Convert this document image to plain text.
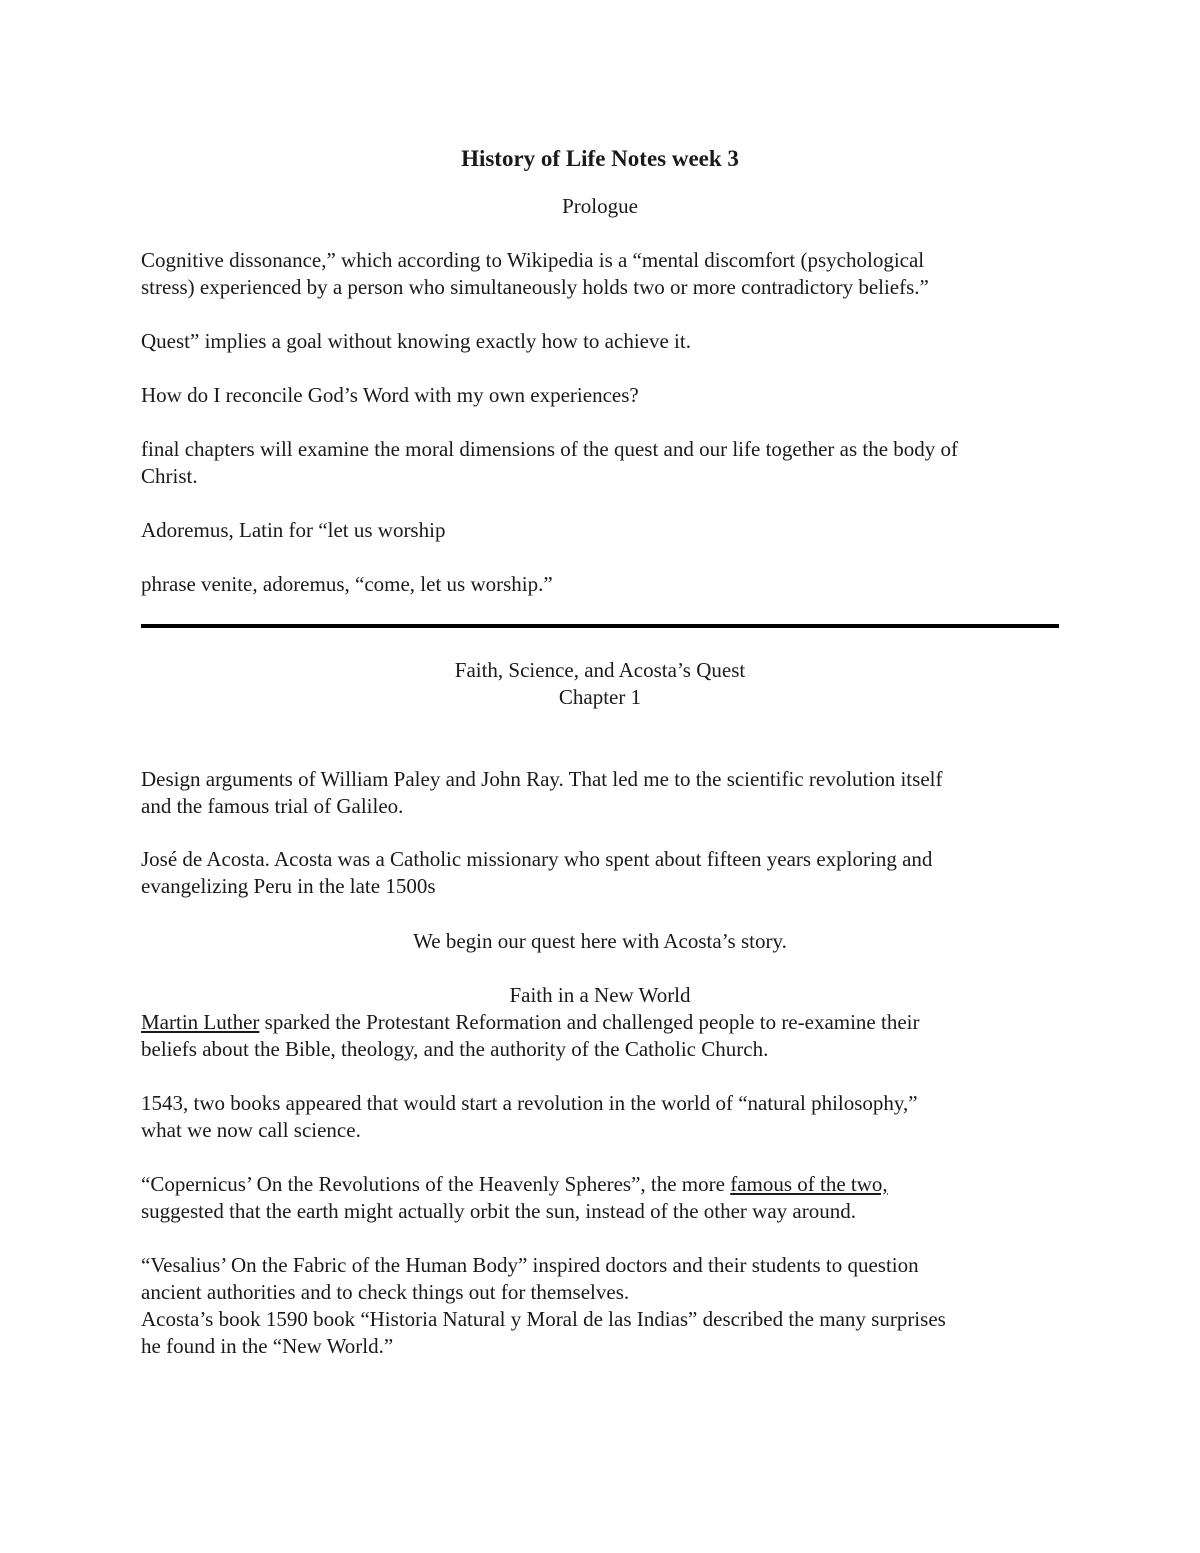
History of Life Notes week 3
Prologue
Cognitive dissonance,” which according to Wikipedia is a “mental discomfort (psychological
stress) experienced by a person who simultaneously holds two or more contradictory beliefs.”
Quest” implies a goal without knowing exactly how to achieve it.
How do I reconcile God’s Word with my own experiences?
final chapters will examine the moral dimensions of the quest and our life together as the body of
Christ.
Adoremus, Latin for “let us worship
phrase venite, adoremus, “come, let us worship.”
Faith, Science, and Acosta’s Quest
Chapter 1
Design arguments of William Paley and John Ray. That led me to the scientific revolution itself
and the famous trial of Galileo.
José de Acosta. Acosta was a Catholic missionary who spent about fifteen years exploring and
evangelizing Peru in the late 1500s
We begin our quest here with Acosta’s story.
Faith in a New World
Martin Luther sparked the Protestant Reformation and challenged people to re-examine their
beliefs about the Bible, theology, and the authority of the Catholic Church.
1543, two books appeared that would start a revolution in the world of “natural philosophy,”
what we now call science.
“Copernicus’ On the Revolutions of the Heavenly Spheres”, the more famous of the two,
suggested that the earth might actually orbit the sun, instead of the other way around.
“Vesalius’ On the Fabric of the Human Body” inspired doctors and their students to question
ancient authorities and to check things out for themselves.
Acosta’s book 1590 book “Historia Natural y Moral de las Indias” described the many surprises
he found in the “New World.”
